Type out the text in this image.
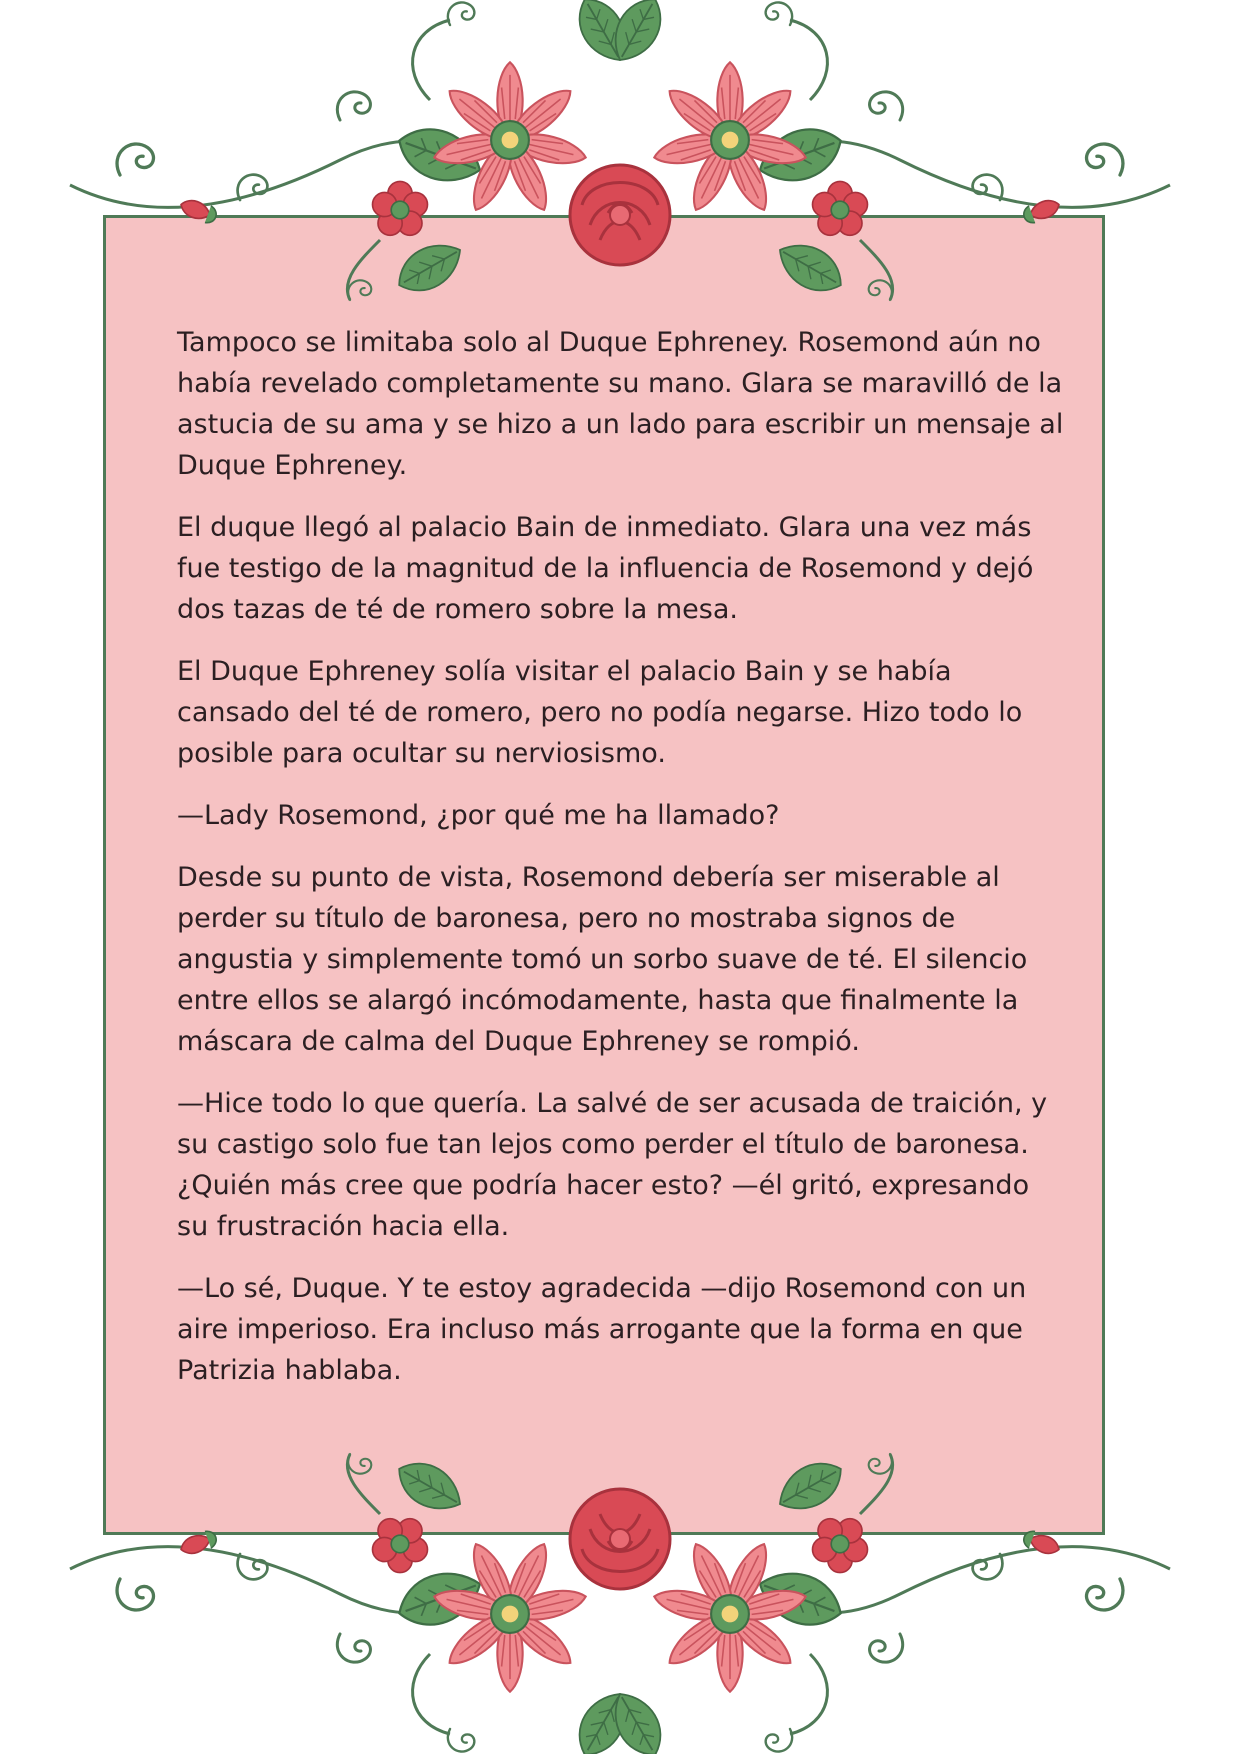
Tampoco se limitaba solo al Duque Ephreney. Rosemond aún no había revelado completamente su mano. Glara se maravilló de la astucia de su ama y se hizo a un lado para escribir un mensaje al Duque Ephreney.

El duque llegó al palacio Bain de inmediato. Glara una vez más fue testigo de la magnitud de la influencia de Rosemond y dejó dos tazas de té de romero sobre la mesa.

El Duque Ephreney solía visitar el palacio Bain y se había cansado del té de romero, pero no podía negarse. Hizo todo lo posible para ocultar su nerviosismo.

—Lady Rosemond, ¿por qué me ha llamado?

Desde su punto de vista, Rosemond debería ser miserable al perder su título de baronesa, pero no mostraba signos de angustia y simplemente tomó un sorbo suave de té. El silencio entre ellos se alargó incómodamente, hasta que finalmente la máscara de calma del Duque Ephreney se rompió.

—Hice todo lo que quería. La salvé de ser acusada de traición, y su castigo solo fue tan lejos como perder el título de baronesa. ¿Quién más cree que podría hacer esto? —él gritó, expresando su frustración hacia ella.

—Lo sé, Duque. Y te estoy agradecida —dijo Rosemond con un aire imperioso. Era incluso más arrogante que la forma en que Patrizia hablaba.
